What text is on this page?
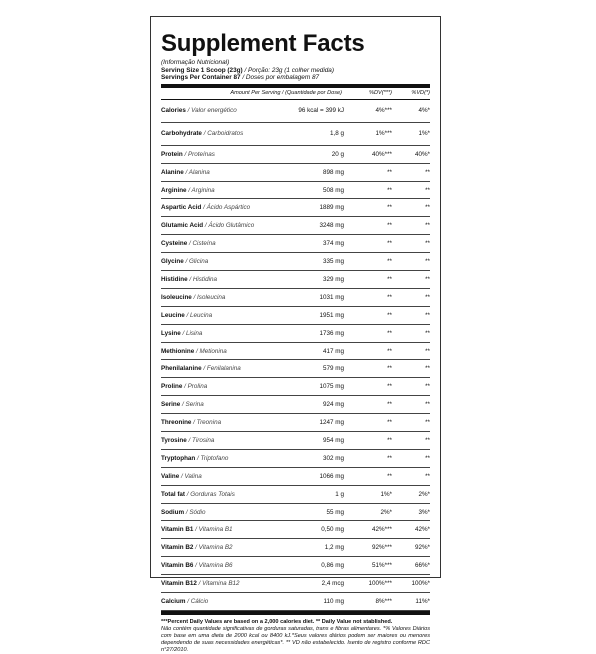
Supplement Facts
(Informação Nutricional)
Serving Size 1 Scoop (23g) / Porção: 23g (1 colher medida)
Servings Per Container 87 / Doses por embalagem 87
Amount Per Serving / (Quantidade por Dose)	%DV(***)	%VD(*)
Calories / Valor energético	96 kcal = 399 kJ	4%***	4%*
Carbohydrate / Carboidratos	1,8 g	1%***	1%*
Protein / Proteínas	20 g	40%***	40%*
Alanine / Alanina	898 mg	**	**
Arginine / Arginina	508 mg	**	**
Aspartic Acid / Ácido Aspártico	1889 mg	**	**
Glutamic Acid / Ácido Glutâmico	3248 mg	**	**
Cysteine / Cisteína	374 mg	**	**
Glycine / Glicina	335 mg	**	**
Histidine / Histidina	329 mg	**	**
Isoleucine / Isoleucina	1031 mg	**	**
Leucine / Leucina	1951 mg	**	**
Lysine / Lisina	1736 mg	**	**
Methionine / Metionina	417 mg	**	**
Phenilalanine / Fenilalanina	579 mg	**	**
Proline / Prolina	1075 mg	**	**
Serine / Serina	924 mg	**	**
Threonine / Treonina	1247 mg	**	**
Tyrosine / Tirosina	954 mg	**	**
Tryptophan / Triptofano	302 mg	**	**
Valine / Valina	1066 mg	**	**
Total fat / Gorduras Totais	1 g	1%*	2%*
Sodium / Sódio	55 mg	2%*	3%*
Vitamin B1 / Vitamina B1	0,50 mg	42%***	42%*
Vitamin B2 / Vitamina B2	1,2 mg	92%***	92%*
Vitamin B6 / Vitamina B6	0,86 mg	51%***	66%*
Vitamin B12 / Vitamina B12	2,4 mcg	100%***	100%*
Calcium / Cálcio	110 mg	8%***	11%*
***Percent Daily Values are based on a 2,000 calories diet. ** Daily Value not stablished.
Não contém quantidade significativas de gorduras saturadas, trans e fibras alimentares. *% Valores Diários com base em uma dieta de 2000 kcal ou 8400 kJ.*Seus valores diários podem ser maiores ou menores dependendo de suas necessidades energéticas*. ** VD não estabelecido. Isento de registro conforme RDC n°27/2010.
